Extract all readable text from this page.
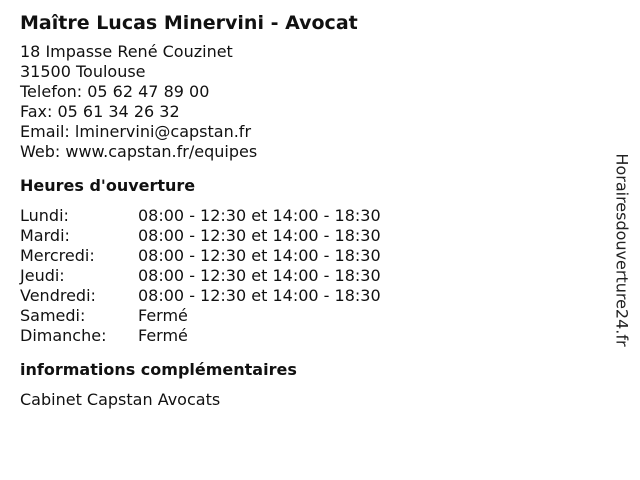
Maître Lucas Minervini - Avocat
18 Impasse René Couzinet
31500 Toulouse
Telefon: 05 62 47 89 00
Fax: 05 61 34 26 32
Email: lminervini@capstan.fr
Web: www.capstan.fr/equipes
Heures d'ouverture
Lundi:	08:00 - 12:30 et 14:00 - 18:30
Mardi:	08:00 - 12:30 et 14:00 - 18:30
Mercredi:	08:00 - 12:30 et 14:00 - 18:30
Jeudi:	08:00 - 12:30 et 14:00 - 18:30
Vendredi:	08:00 - 12:30 et 14:00 - 18:30
Samedi:	Fermé
Dimanche:	Fermé
informations complémentaires
Cabinet Capstan Avocats
Horairesdouverture24.fr
